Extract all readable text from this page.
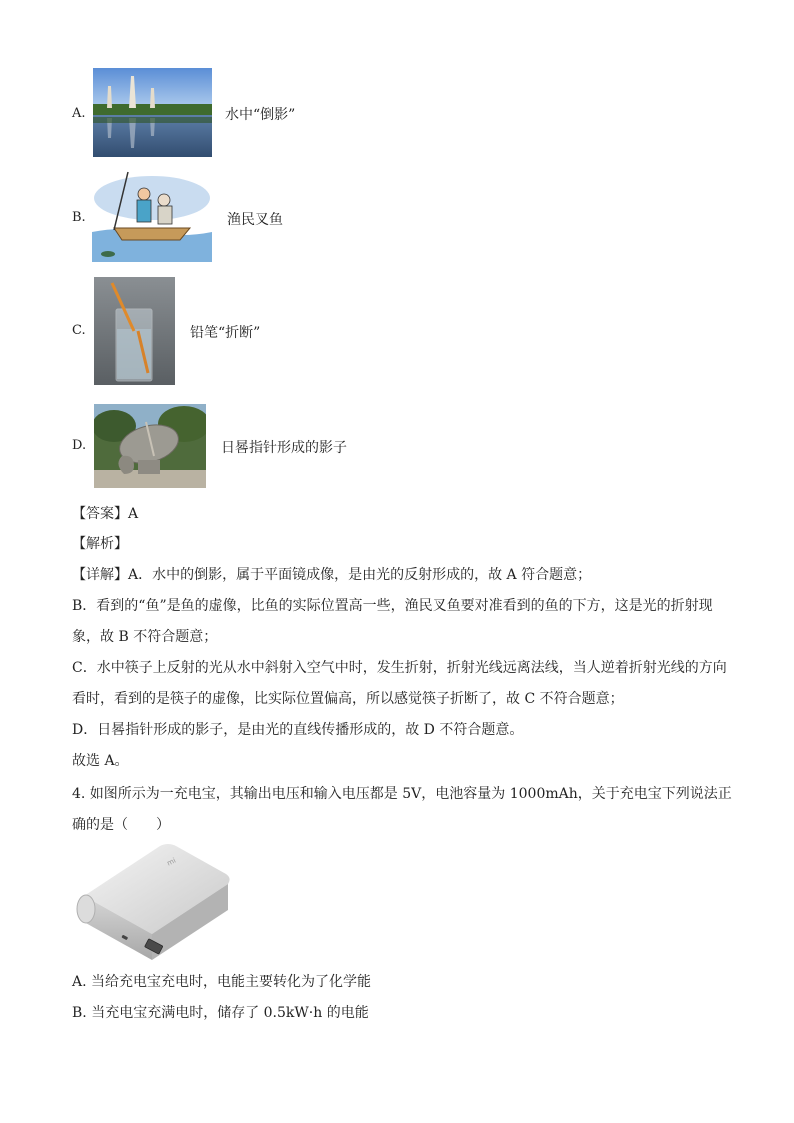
A.	水中“倒影”
B.	渔民叉鱼
C.	铅笔“折断”
D.	日晷指针形成的影子
【答案】A
【解析】
【详解】A．水中的倒影，属于平面镜成像，是由光的反射形成的，故 A 符合题意；
B．看到的“鱼”是鱼的虚像，比鱼的实际位置高一些，渔民叉鱼要对准看到的鱼的下方，这是光的折射现
象，故 B 不符合题意；
C．水中筷子上反射的光从水中斜射入空气中时，发生折射，折射光线远离法线，当人逆着折射光线的方向
看时，看到的是筷子的虚像，比实际位置偏高，所以感觉筷子折断了，故 C 不符合题意；
D．日晷指针形成的影子，是由光的直线传播形成的，故 D 不符合题意。
故选 A。
4. 如图所示为一充电宝，其输出电压和输入电压都是 5V，电池容量为 1000mAh，关于充电宝下列说法正
确的是（　　）
mi
A. 当给充电宝充电时，电能主要转化为了化学能
B. 当充电宝充满电时，储存了 0.5kW·h 的电能
